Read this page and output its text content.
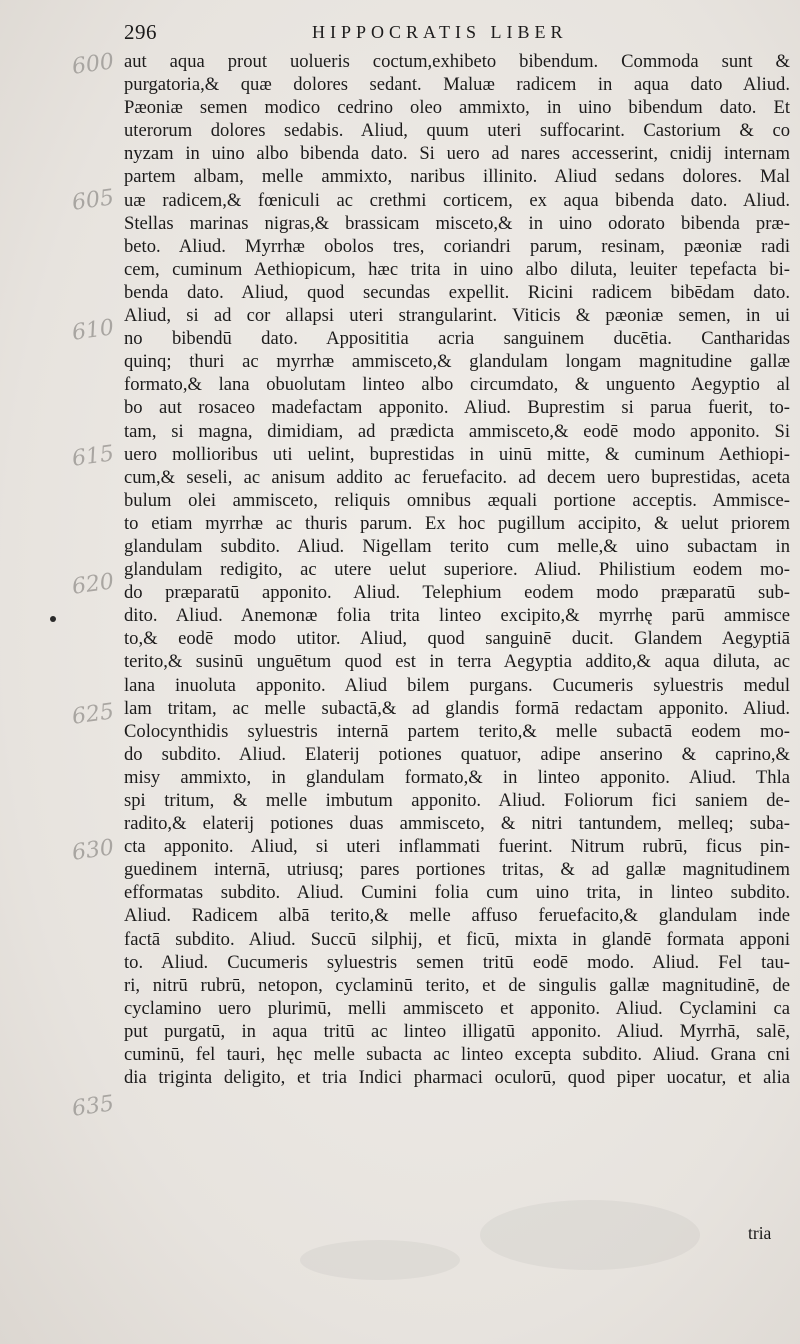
296	HIPPOCRATIS LIBER
600
605
610
615
620
625
630
635
aut aqua prout uolueris coctum,exhibeto bibendum. Commoda sunt &
purgatoria,& quæ dolores sedant. Maluæ radicem in aqua dato Aliud.
Pæoniæ semen modico cedrino oleo ammixto, in uino bibendum dato. Et
uterorum dolores sedabis. Aliud, quum uteri suffocarint. Castorium & co
nyzam in uino albo bibenda dato. Si uero ad nares accesserint, cnidij internam
partem albam, melle ammixto, naribus illinito. Aliud sedans dolores. Mal
uæ radicem,& fœniculi ac crethmi corticem, ex aqua bibenda dato. Aliud.
Stellas marinas nigras,& brassicam misceto,& in uino odorato bibenda præ-
beto. Aliud. Myrrhæ obolos tres, coriandri parum, resinam, pæoniæ radi
cem, cuminum Aethiopicum, hæc trita in uino albo diluta, leuiter tepefacta bi-
benda dato. Aliud, quod secundas expellit. Ricini radicem bibēdam dato.
Aliud, si ad cor allapsi uteri strangularint. Viticis & pæoniæ semen, in ui
no bibendū dato. Apposititia acria sanguinem ducētia. Cantharidas
quinq; thuri ac myrrhæ ammisceto,& glandulam longam magnitudine gallæ
formato,& lana obuolutam linteo albo circumdato, & unguento Aegyptio al
bo aut rosaceo madefactam apponito. Aliud. Buprestim si parua fuerit, to-
tam, si magna, dimidiam, ad prædicta ammisceto,& eodē modo apponito. Si
uero mollioribus uti uelint, buprestidas in uinū mitte, & cuminum Aethiopi-
cum,& seseli, ac anisum addito ac feruefacito. ad decem uero buprestidas, aceta
bulum olei ammisceto, reliquis omnibus æquali portione acceptis. Ammisce-
to etiam myrrhæ ac thuris parum. Ex hoc pugillum accipito, & uelut priorem
glandulam subdito. Aliud. Nigellam terito cum melle,& uino subactam in
glandulam redigito, ac utere uelut superiore. Aliud. Philistium eodem mo-
do præparatū apponito. Aliud. Telephium eodem modo præparatū sub-
dito. Aliud. Anemonæ folia trita linteo excipito,& myrrhę parū ammisce
to,& eodē modo utitor. Aliud, quod sanguinē ducit. Glandem Aegyptiā
terito,& susinū unguētum quod est in terra Aegyptia addito,& aqua diluta, ac
lana inuoluta apponito. Aliud bilem purgans. Cucumeris syluestris medul
lam tritam, ac melle subactā,& ad glandis formā redactam apponito. Aliud.
Colocynthidis syluestris internā partem terito,& melle subactā eodem mo-
do subdito. Aliud. Elaterij potiones quatuor, adipe anserino & caprino,&
misy ammixto, in glandulam formato,& in linteo apponito. Aliud. Thla
spi tritum, & melle imbutum apponito. Aliud. Foliorum fici saniem de-
radito,& elaterij potiones duas ammisceto, & nitri tantundem, melleq; suba-
cta apponito. Aliud, si uteri inflammati fuerint. Nitrum rubrū, ficus pin-
guedinem internā, utriusq; pares portiones tritas, & ad gallæ magnitudinem
efformatas subdito. Aliud. Cumini folia cum uino trita, in linteo subdito.
Aliud. Radicem albā terito,& melle affuso feruefacito,& glandulam inde
factā subdito. Aliud. Succū silphij, et ficū, mixta in glandē formata apponi
to. Aliud. Cucumeris syluestris semen tritū eodē modo. Aliud. Fel tau-
ri, nitrū rubrū, netopon, cyclaminū terito, et de singulis gallæ magnitudinē, de
cyclamino uero plurimū, melli ammisceto et apponito. Aliud. Cyclamini ca
put purgatū, in aqua tritū ac linteo illigatū apponito. Aliud. Myrrhā, salē,
cuminū, fel tauri, hęc melle subacta ac linteo excepta subdito. Aliud. Grana cni
dia triginta deligito, et tria Indici pharmaci oculorū, quod piper uocatur, et alia
tria
